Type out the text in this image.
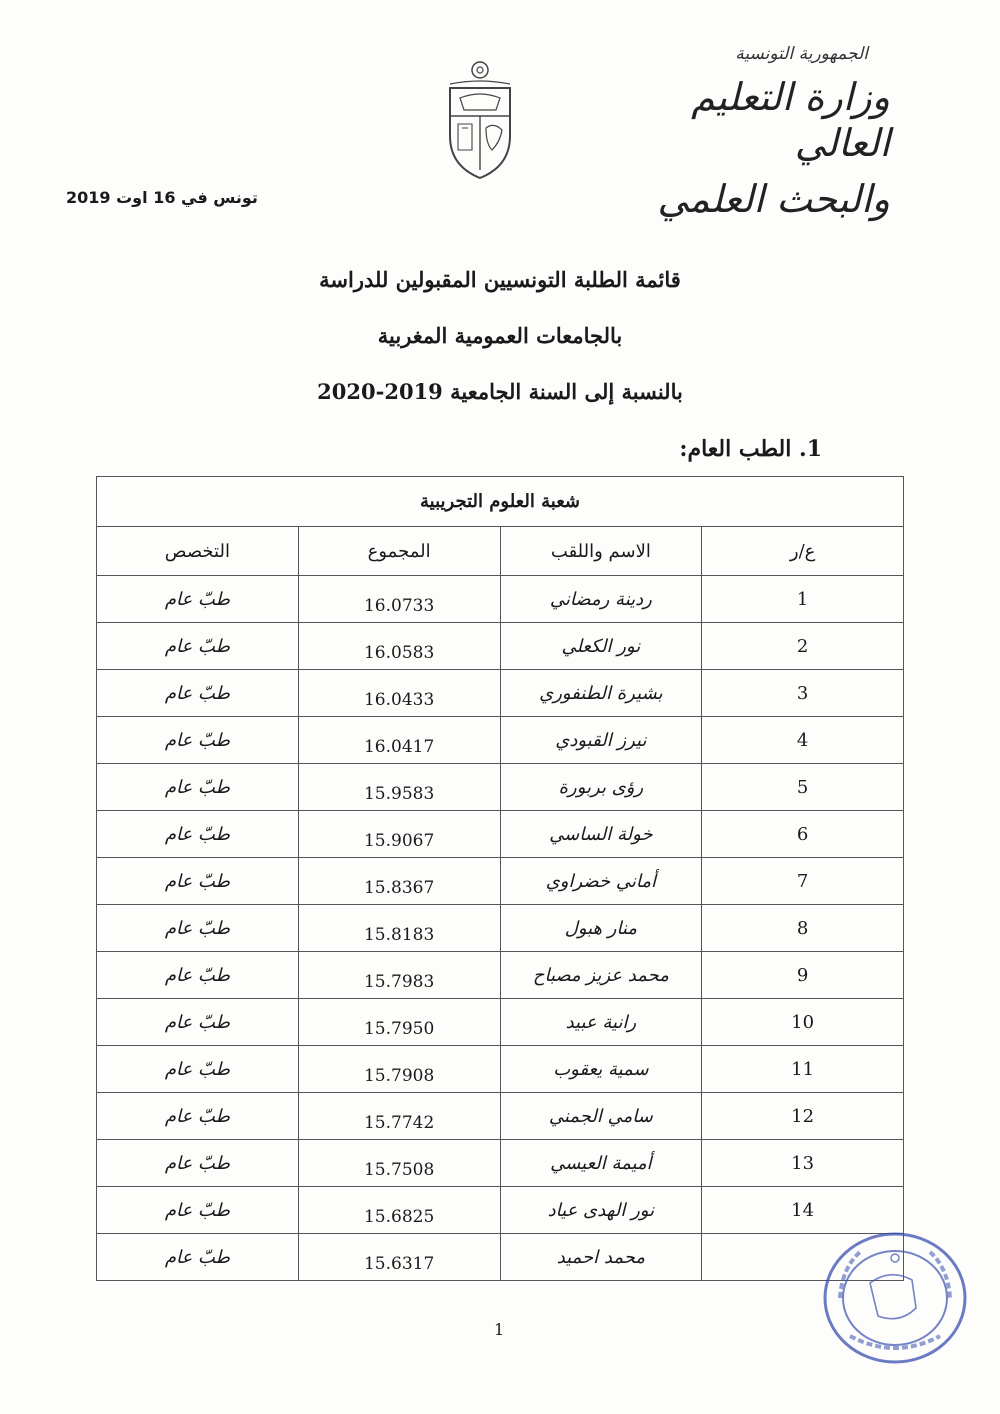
الجمهورية التونسية
وزارة التعليم العالي
والبحث العلمي
تونس في 16 اوت 2019
قائمة الطلبة التونسيين المقبولين للدراسة
بالجامعات العمومية المغربية
بالنسبة إلى السنة الجامعية 2019-2020
1. الطب العام:
شعبة العلوم التجريبية			
ع/ر	الاسم واللقب	المجموع	التخصص
1	ردينة رمضاني	16.0733	طبّ عام
2	نور الكعلي	16.0583	طبّ عام
3	بشيرة الطنفوري	16.0433	طبّ عام
4	نيرز القبودي	16.0417	طبّ عام
5	رؤى بربورة	15.9583	طبّ عام
6	خولة الساسي	15.9067	طبّ عام
7	أماني خضراوي	15.8367	طبّ عام
8	منار هبول	15.8183	طبّ عام
9	محمد عزيز مصباح	15.7983	طبّ عام
10	رانية عبيد	15.7950	طبّ عام
11	سمية يعقوب	15.7908	طبّ عام
12	سامي الجمني	15.7742	طبّ عام
13	أميمة العيسي	15.7508	طبّ عام
14	نور الهدى عياد	15.6825	طبّ عام
	محمد احميد	15.6317	طبّ عام
1
